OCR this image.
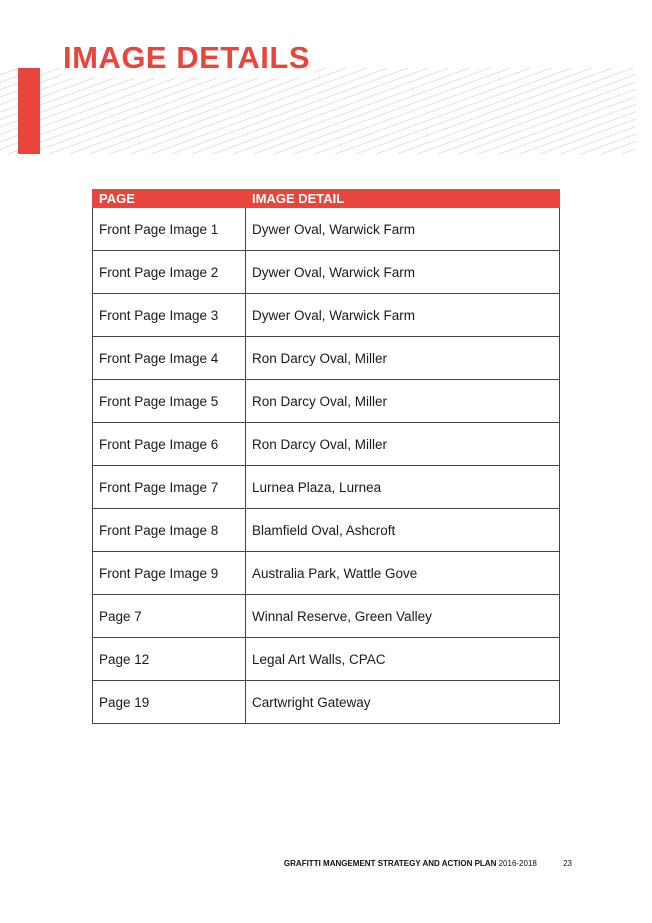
IMAGE DETAILS
PAGE	IMAGE DETAIL
Front Page Image 1	Dywer Oval, Warwick Farm
Front Page Image 2	Dywer Oval, Warwick Farm
Front Page Image 3	Dywer Oval, Warwick Farm
Front Page Image 4	Ron Darcy Oval, Miller
Front Page Image 5	Ron Darcy Oval, Miller
Front Page Image 6	Ron Darcy Oval, Miller
Front Page Image 7	Lurnea Plaza, Lurnea
Front Page Image 8	Blamfield Oval, Ashcroft
Front Page Image 9	Australia Park, Wattle Gove
Page 7	Winnal Reserve, Green Valley
Page 12	Legal Art Walls, CPAC
Page 19	Cartwright Gateway
GRAFITTI MANGEMENT STRATEGY AND ACTION PLAN 2016-2018	23
